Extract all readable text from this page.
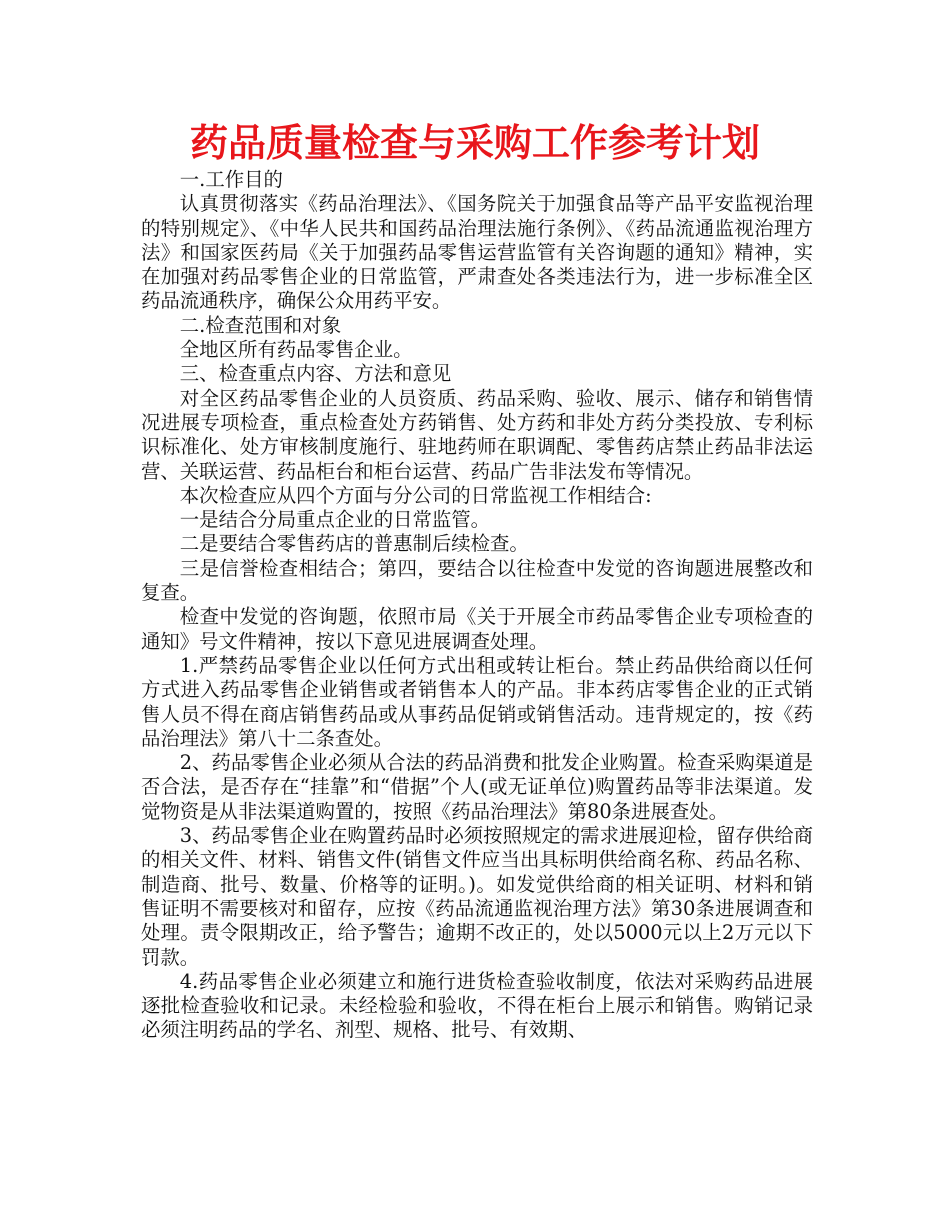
药品质量检查与采购工作参考计划

一.工作目的

认真贯彻落实《药品治理法》、《国务院关于加强食品等产品平安监视治理的特别规定》、《中华人民共和国药品治理法施行条例》、《药品流通监视治理方法》和国家医药局《关于加强药品零售运营监管有关咨询题的通知》精神，实在加强对药品零售企业的日常监管，严肃查处各类违法行为，进一步标准全区药品流通秩序，确保公众用药平安。

二.检查范围和对象

全地区所有药品零售企业。

三、检查重点内容、方法和意见

对全区药品零售企业的人员资质、药品采购、验收、展示、储存和销售情况进展专项检查，重点检查处方药销售、处方药和非处方药分类投放、专利标识标准化、处方审核制度施行、驻地药师在职调配、零售药店禁止药品非法运营、关联运营、药品柜台和柜台运营、药品广告非法发布等情况。

本次检查应从四个方面与分公司的日常监视工作相结合:

一是结合分局重点企业的日常监管。

二是要结合零售药店的普惠制后续检查。

三是信誉检查相结合；第四，要结合以往检查中发觉的咨询题进展整改和复查。

检查中发觉的咨询题，依照市局《关于开展全市药品零售企业专项检查的通知》号文件精神，按以下意见进展调查处理。

1.严禁药品零售企业以任何方式出租或转让柜台。禁止药品供给商以任何方式进入药品零售企业销售或者销售本人的产品。非本药店零售企业的正式销售人员不得在商店销售药品或从事药品促销或销售活动。违背规定的，按《药品治理法》第八十二条查处。

2、药品零售企业必须从合法的药品消费和批发企业购置。检查采购渠道是否合法，是否存在“挂靠”和“借据”个人(或无证单位)购置药品等非法渠道。发觉物资是从非法渠道购置的，按照《药品治理法》第80条进展查处。

3、药品零售企业在购置药品时必须按照规定的需求进展迎检，留存供给商的相关文件、材料、销售文件(销售文件应当出具标明供给商名称、药品名称、制造商、批号、数量、价格等的证明。)。如发觉供给商的相关证明、材料和销售证明不需要核对和留存，应按《药品流通监视治理方法》第30条进展调查和处理。责令限期改正，给予警告；逾期不改正的，处以5000元以上2万元以下罚款。

4.药品零售企业必须建立和施行进货检查验收制度，依法对采购药品进展逐批检查验收和记录。未经检验和验收，不得在柜台上展示和销售。购销记录必须注明药品的学名、剂型、规格、批号、有效期、
